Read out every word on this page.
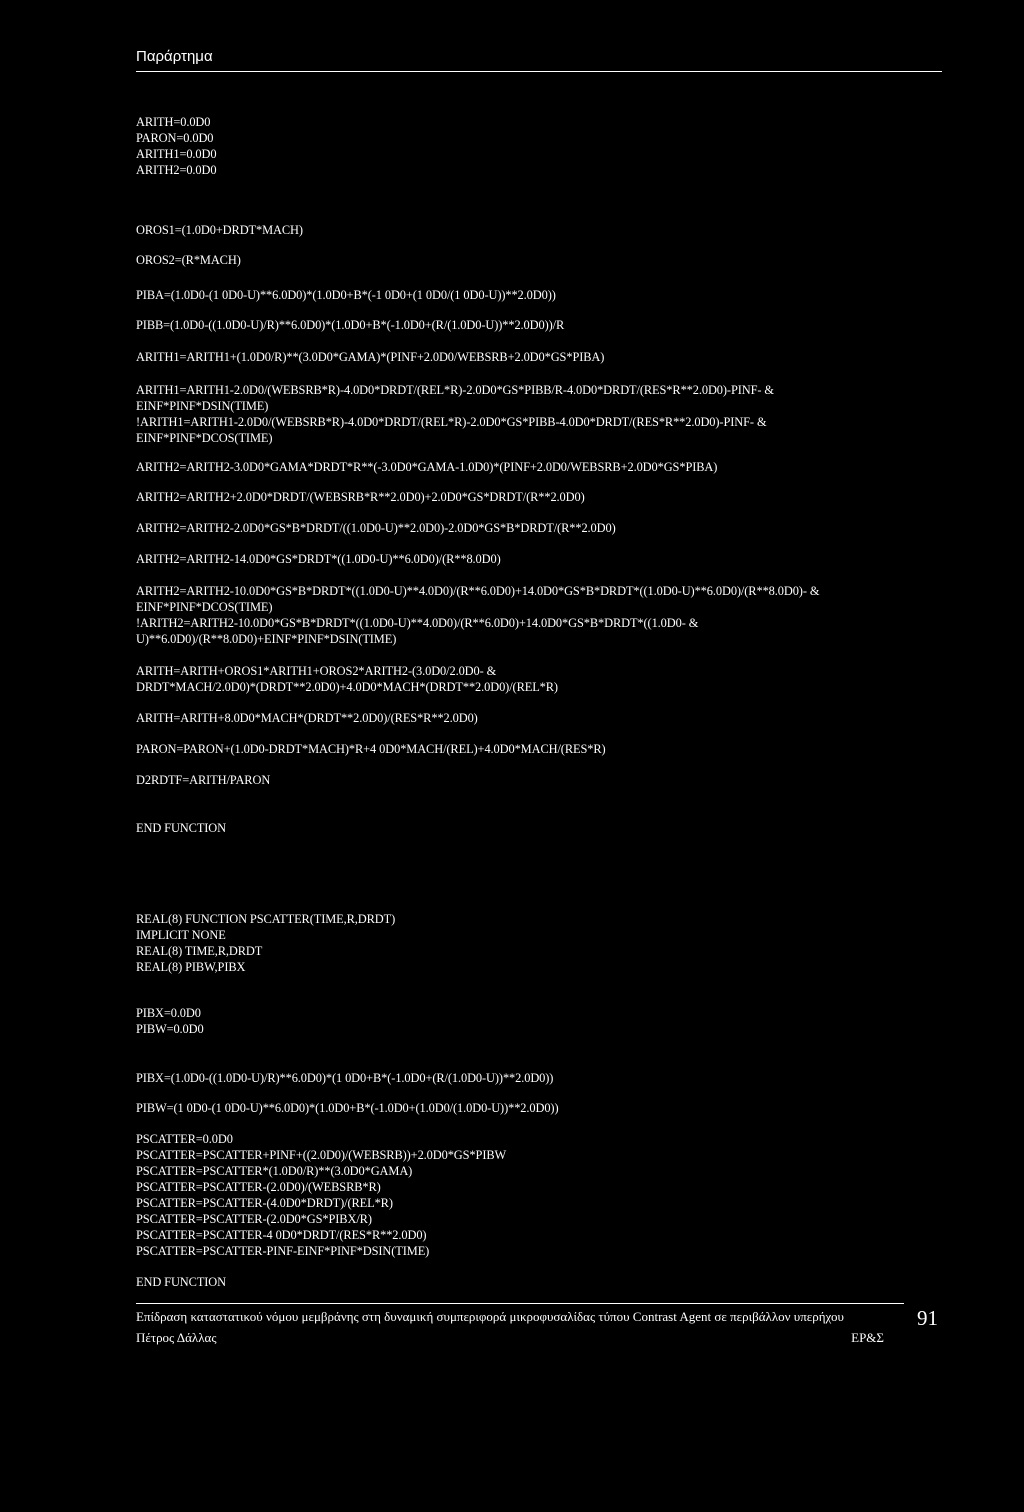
Παράρτημα
ARITH=0.0D0
PARON=0.0D0
ARITH1=0.0D0
ARITH2=0.0D0
OROS1=(1.0D0+DRDT*MACH)
OROS2=(R*MACH)
PIBA=(1.0D0-(1 0D0-U)**6.0D0)*(1.0D0+B*(-1 0D0+(1 0D0/(1 0D0-U))**2.0D0))
PIBB=(1.0D0-((1.0D0-U)/R)**6.0D0)*(1.0D0+B*(-1.0D0+(R/(1.0D0-U))**2.0D0))/R
ARITH1=ARITH1+(1.0D0/R)**(3.0D0*GAMA)*(PINF+2.0D0/WEBSRB+2.0D0*GS*PIBA)
ARITH1=ARITH1-2.0D0/(WEBSRB*R)-4.0D0*DRDT/(REL*R)-2.0D0*GS*PIBB/R-4.0D0*DRDT/(RES*R**2.0D0)-PINF- &
EINF*PINF*DSIN(TIME)
!ARITH1=ARITH1-2.0D0/(WEBSRB*R)-4.0D0*DRDT/(REL*R)-2.0D0*GS*PIBB-4.0D0*DRDT/(RES*R**2.0D0)-PINF- &
EINF*PINF*DCOS(TIME)
ARITH2=ARITH2-3.0D0*GAMA*DRDT*R**(-3.0D0*GAMA-1.0D0)*(PINF+2.0D0/WEBSRB+2.0D0*GS*PIBA)
ARITH2=ARITH2+2.0D0*DRDT/(WEBSRB*R**2.0D0)+2.0D0*GS*DRDT/(R**2.0D0)
ARITH2=ARITH2-2.0D0*GS*B*DRDT/((1.0D0-U)**2.0D0)-2.0D0*GS*B*DRDT/(R**2.0D0)
ARITH2=ARITH2-14.0D0*GS*DRDT*((1.0D0-U)**6.0D0)/(R**8.0D0)
ARITH2=ARITH2-10.0D0*GS*B*DRDT*((1.0D0-U)**4.0D0)/(R**6.0D0)+14.0D0*GS*B*DRDT*((1.0D0-U)**6.0D0)/(R**8.0D0)- &
EINF*PINF*DCOS(TIME)
!ARITH2=ARITH2-10.0D0*GS*B*DRDT*((1.0D0-U)**4.0D0)/(R**6.0D0)+14.0D0*GS*B*DRDT*((1.0D0- &
U)**6.0D0)/(R**8.0D0)+EINF*PINF*DSIN(TIME)
ARITH=ARITH+OROS1*ARITH1+OROS2*ARITH2-(3.0D0/2.0D0- &
DRDT*MACH/2.0D0)*(DRDT**2.0D0)+4.0D0*MACH*(DRDT**2.0D0)/(REL*R)
ARITH=ARITH+8.0D0*MACH*(DRDT**2.0D0)/(RES*R**2.0D0)
PARON=PARON+(1.0D0-DRDT*MACH)*R+4 0D0*MACH/(REL)+4.0D0*MACH/(RES*R)
D2RDTF=ARITH/PARON
END FUNCTION
REAL(8) FUNCTION PSCATTER(TIME,R,DRDT)
IMPLICIT NONE
REAL(8) TIME,R,DRDT
REAL(8) PIBW,PIBX
PIBX=0.0D0
PIBW=0.0D0
PIBX=(1.0D0-((1.0D0-U)/R)**6.0D0)*(1 0D0+B*(-1.0D0+(R/(1.0D0-U))**2.0D0))
PIBW=(1 0D0-(1 0D0-U)**6.0D0)*(1.0D0+B*(-1.0D0+(1.0D0/(1.0D0-U))**2.0D0))
PSCATTER=0.0D0
PSCATTER=PSCATTER+PINF+((2.0D0)/(WEBSRB))+2.0D0*GS*PIBW
PSCATTER=PSCATTER*(1.0D0/R)**(3.0D0*GAMA)
PSCATTER=PSCATTER-(2.0D0)/(WEBSRB*R)
PSCATTER=PSCATTER-(4.0D0*DRDT)/(REL*R)
PSCATTER=PSCATTER-(2.0D0*GS*PIBX/R)
PSCATTER=PSCATTER-4 0D0*DRDT/(RES*R**2.0D0)
PSCATTER=PSCATTER-PINF-EINF*PINF*DSIN(TIME)
END FUNCTION
Επίδραση καταστατικού νόμου μεμβράνης στη δυναμική συμπεριφορά μικροφυσαλίδας τύπου Contrast Agent σε περιβάλλον υπερήχου
Πέτρος Δάλλας	ΕΡ&Σ
91
